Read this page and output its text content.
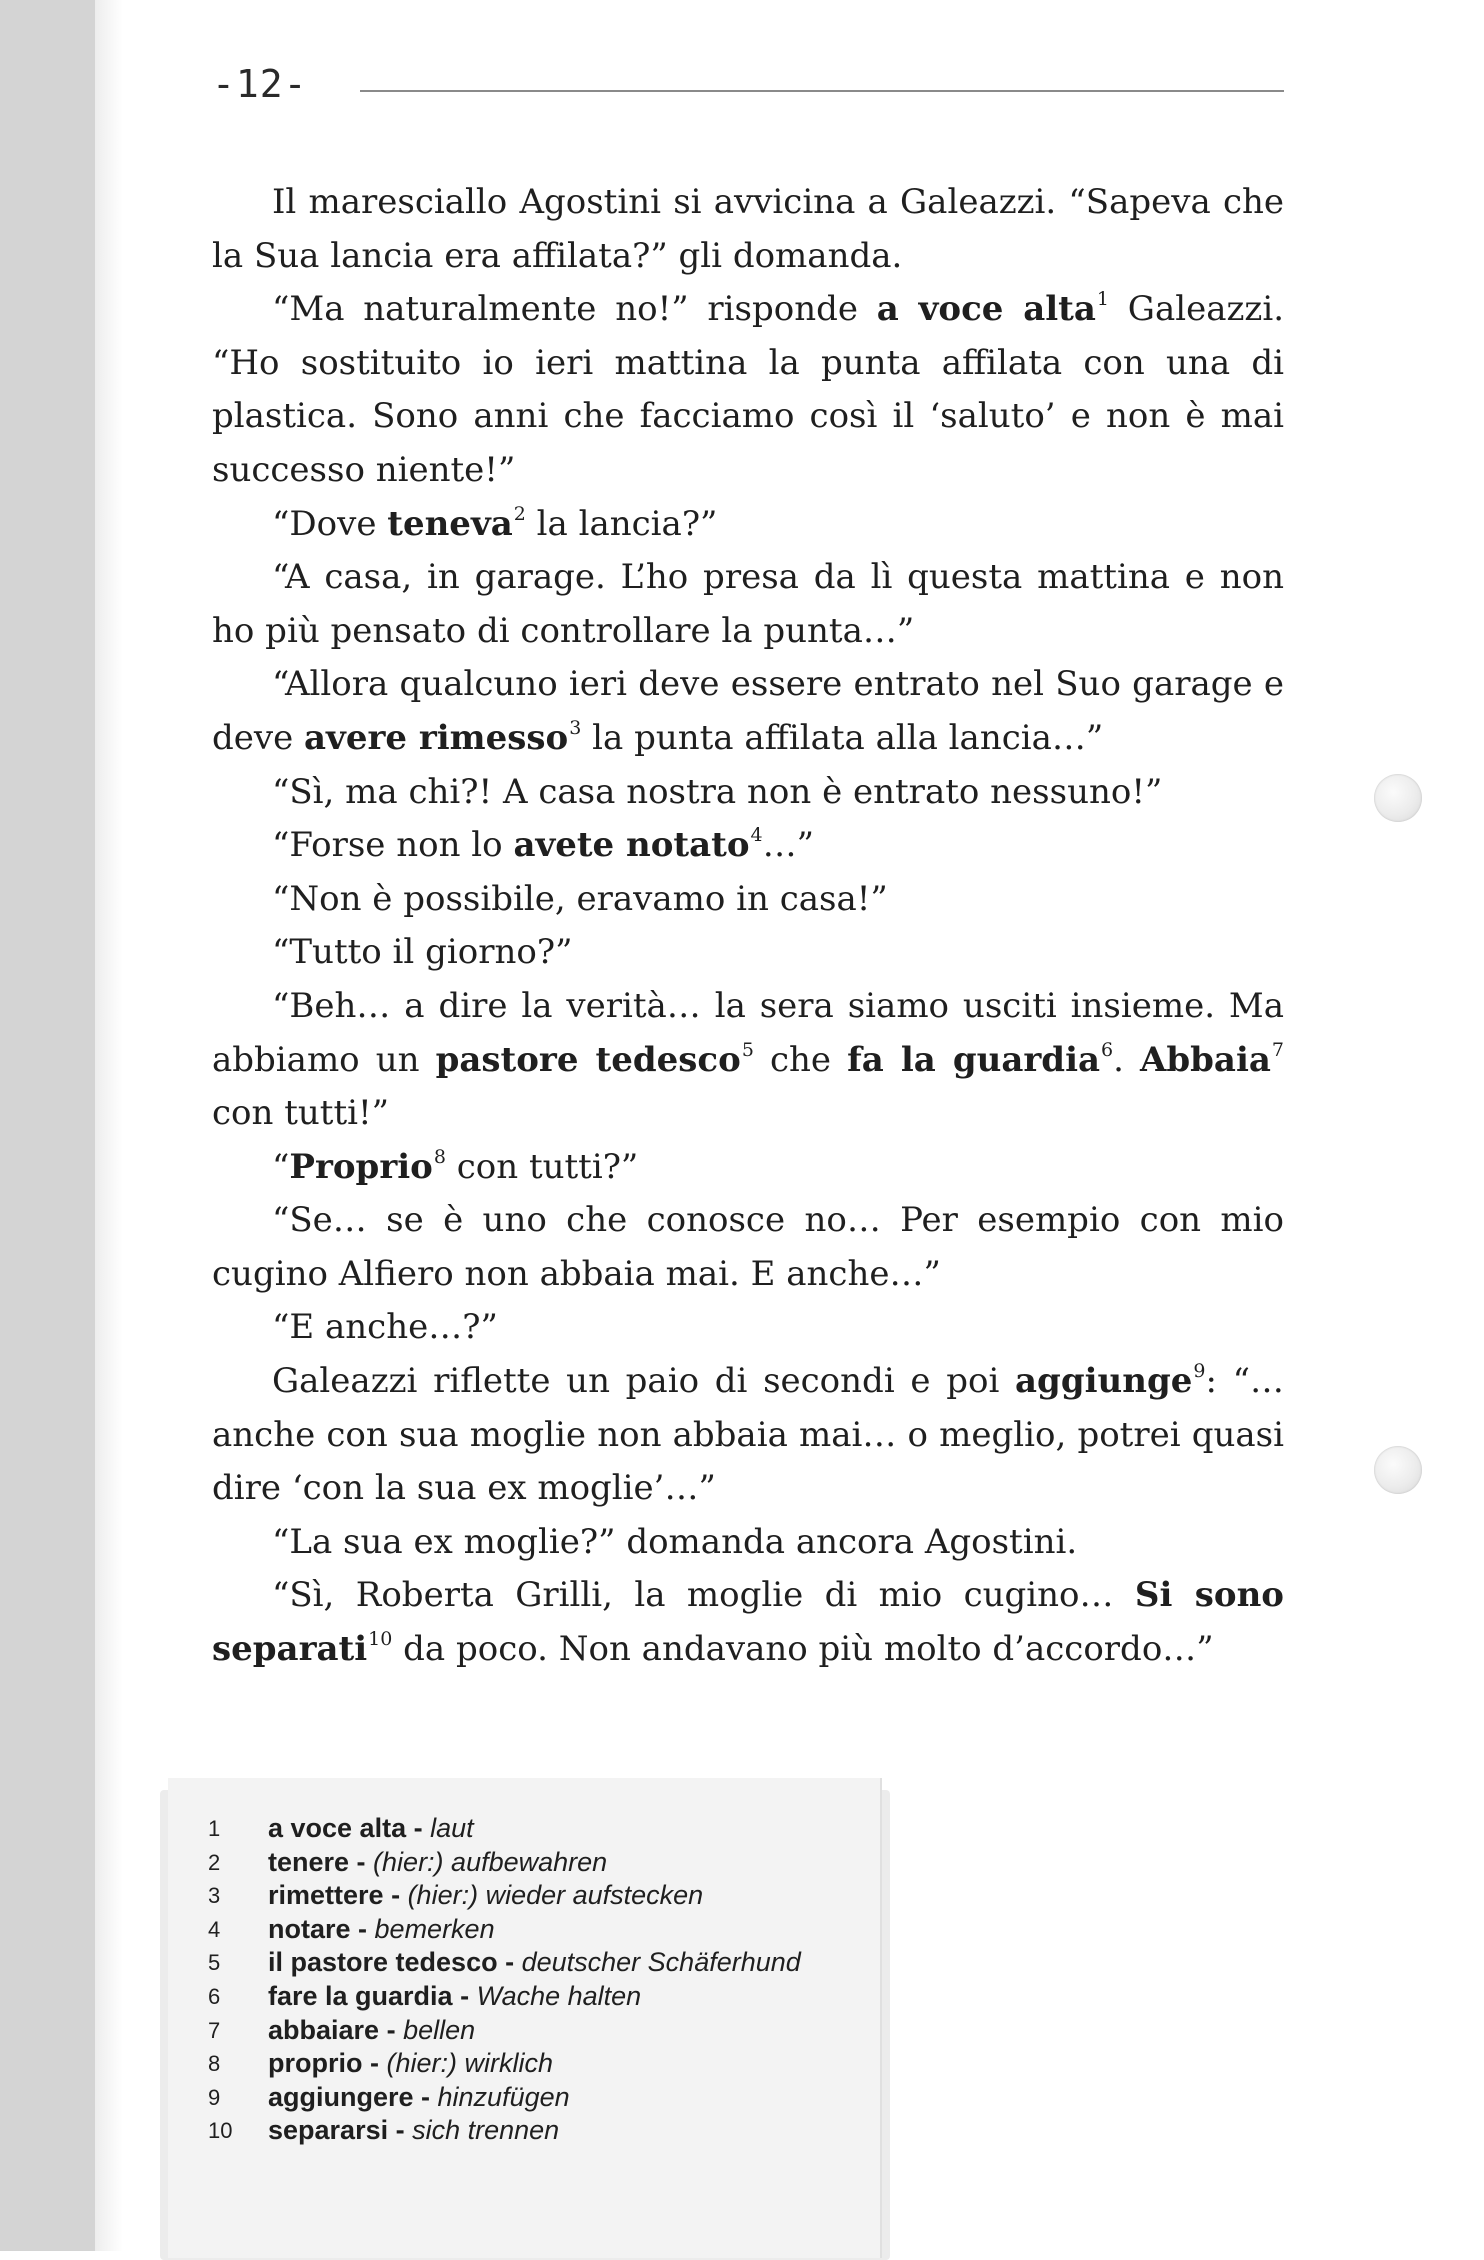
-12-

Il maresciallo Agostini si avvicina a Galeazzi. “Sapeva che la Sua lancia era affilata?” gli domanda.

“Ma naturalmente no!” risponde a voce alta$^1$ Galeazzi. “Ho sostituito io ieri mattina la punta affilata con una di plastica. Sono anni che facciamo così il ‘saluto’ e non è mai successo niente!”

“Dove teneva$^2$ la lancia?”

“A casa, in garage. L’ho presa da lì questa mattina e non ho più pensato di controllare la punta…”

“Allora qualcuno ieri deve essere entrato nel Suo garage e deve avere rimesso$^3$ la punta affilata alla lancia…”

“Sì, ma chi?! A casa nostra non è entrato nessuno!”

“Forse non lo avete notato$^4$…”

“Non è possibile, eravamo in casa!”

“Tutto il giorno?”

“Beh… a dire la verità… la sera siamo usciti insieme. Ma abbiamo un pastore tedesco$^5$ che fa la guardia$^6$. Abbaia$^7$ con tutti!”

“Proprio$^8$ con tutti?”

“Se… se è uno che conosce no… Per esempio con mio cugino Alfiero non abbaia mai. E anche…”

“E anche…?”

Galeazzi riflette un paio di secondi e poi aggiunge$^9$: “…anche con sua moglie non abbaia mai… o meglio, potrei quasi dire ‘con la sua ex moglie’…”

“La sua ex moglie?” domanda ancora Agostini.

“Sì, Roberta Grilli, la moglie di mio cugino… Si sono separati$^{10}$ da poco. Non andavano più molto d’accordo…”

1 a voce alta - laut
2 tenere - (hier:) aufbewahren
3 rimettere - (hier:) wieder aufstecken
4 notare - bemerken
5 il pastore tedesco - deutscher Schäferhund
6 fare la guardia - Wache halten
7 abbaiare - bellen
8 proprio - (hier:) wirklich
9 aggiungere - hinzufügen
10 separarsi - sich trennen
